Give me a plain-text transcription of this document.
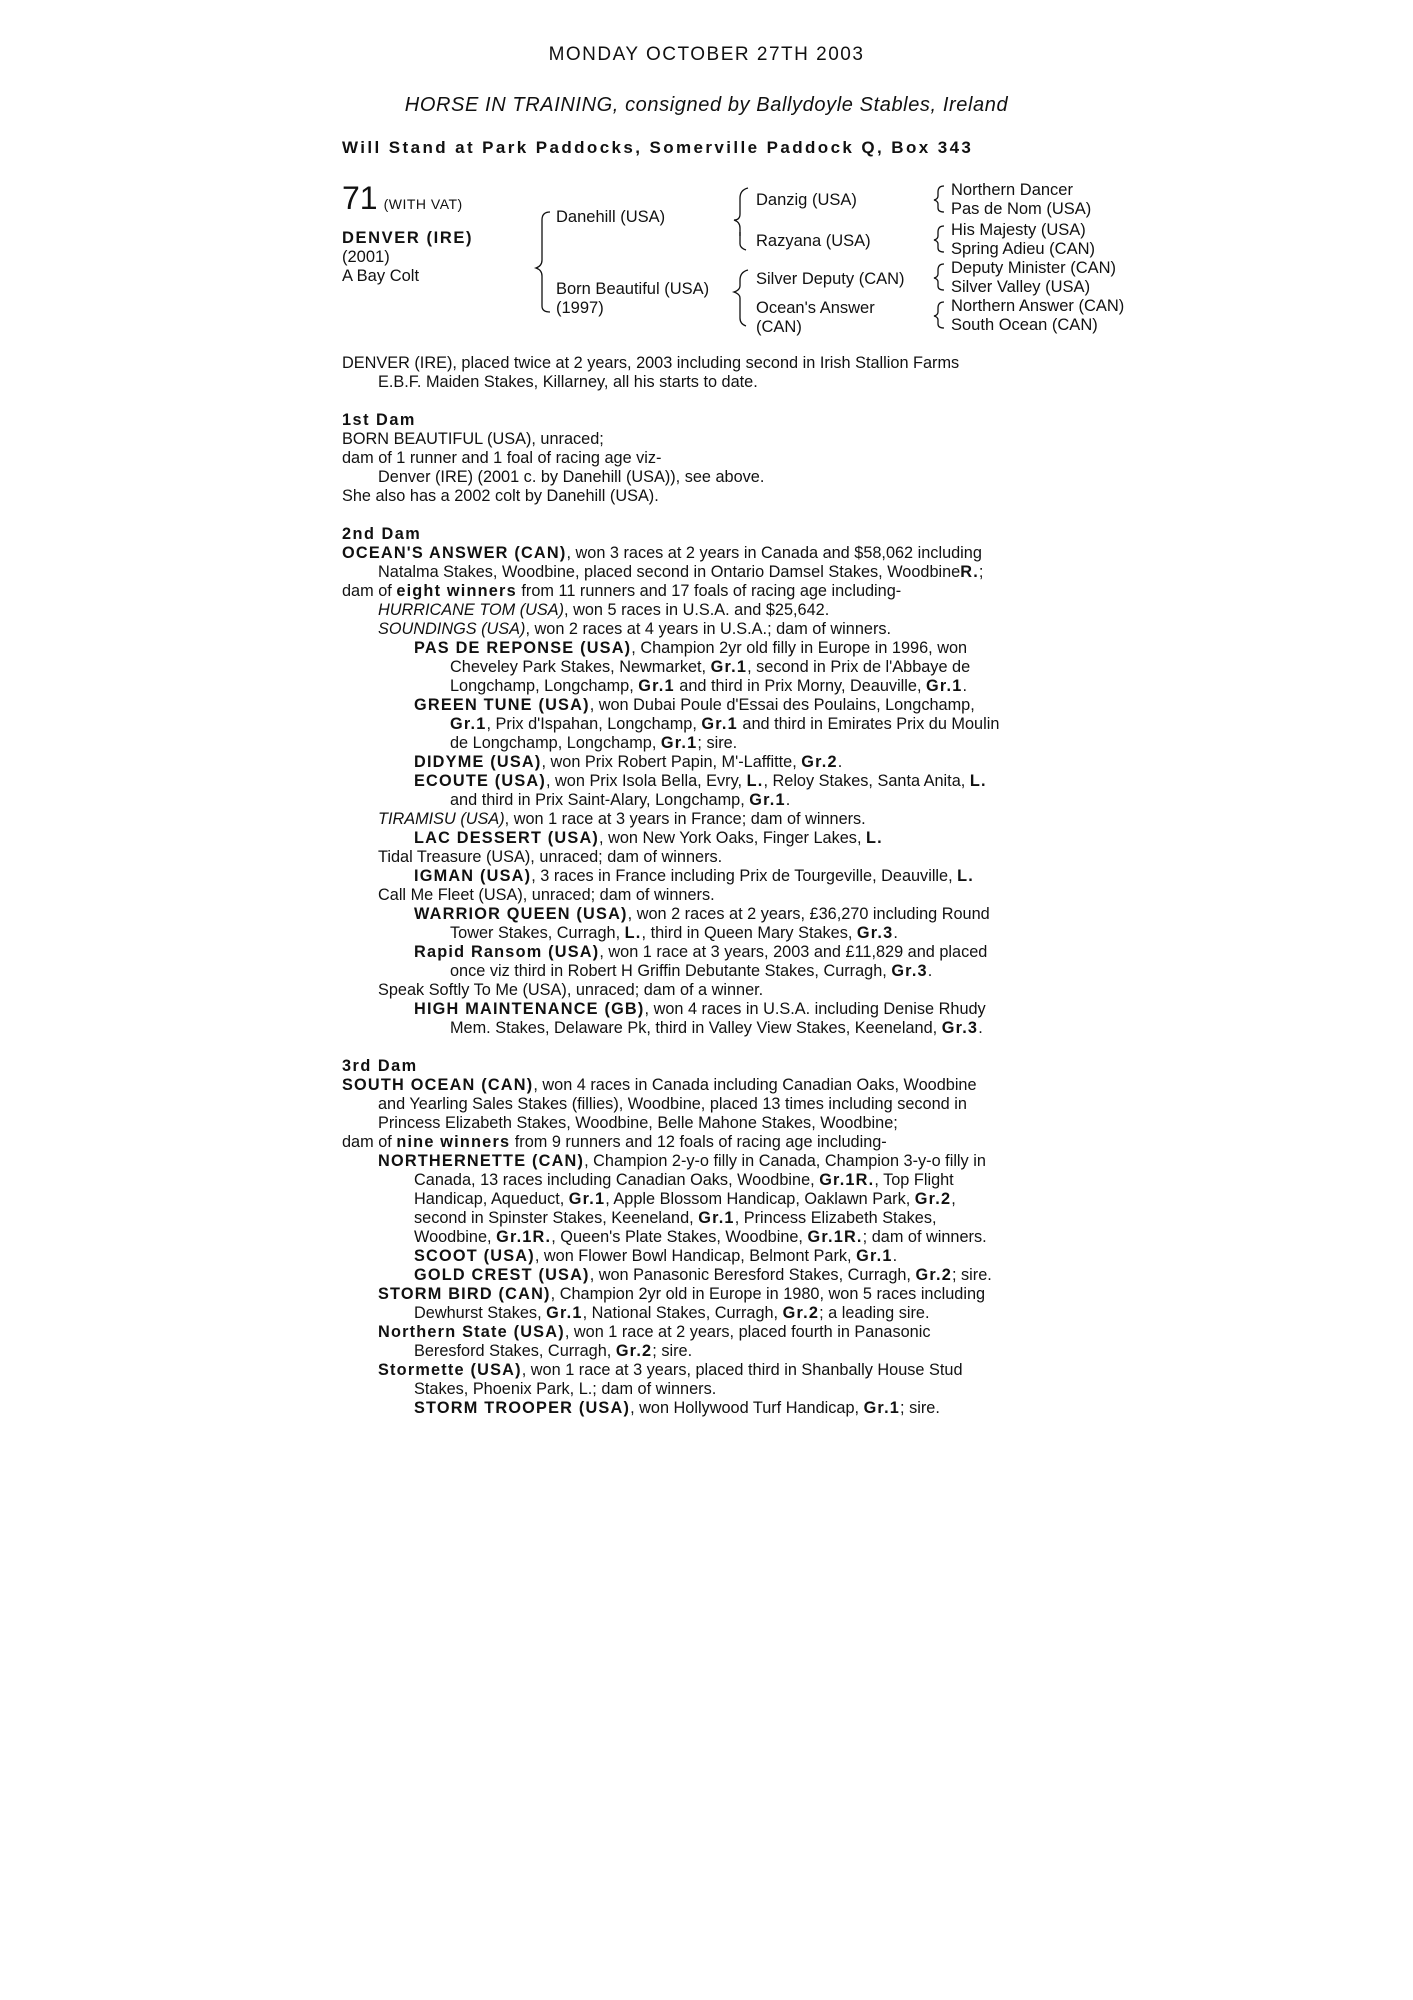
MONDAY OCTOBER 27TH 2003
HORSE IN TRAINING, consigned by Ballydoyle Stables, Ireland
Will Stand at Park Paddocks, Somerville Paddock Q, Box 343
71 (WITH VAT)
DENVER (IRE)
(2001)
A Bay Colt
Danehill (USA)
Born Beautiful (USA)
(1997)
Danzig (USA)
Razyana (USA)
Silver Deputy (CAN)
Ocean's Answer
(CAN)
Northern Dancer
Pas de Nom (USA)
His Majesty (USA)
Spring Adieu (CAN)
Deputy Minister (CAN)
Silver Valley (USA)
Northern Answer (CAN)
South Ocean (CAN)

DENVER (IRE), placed twice at 2 years, 2003 including second in Irish Stallion Farms

E.B.F. Maiden Stakes, Killarney, all his starts to date.

1st Dam

BORN BEAUTIFUL (USA), unraced;

dam of 1 runner and 1 foal of racing age viz-

Denver (IRE) (2001 c. by Danehill (USA)), see above.

She also has a 2002 colt by Danehill (USA).

2nd Dam

OCEAN'S ANSWER (CAN), won 3 races at 2 years in Canada and $58,062 including

Natalma Stakes, Woodbine, placed second in Ontario Damsel Stakes, WoodbineR.;

dam of eight winners from 11 runners and 17 foals of racing age including-

HURRICANE TOM (USA), won 5 races in U.S.A. and $25,642.

SOUNDINGS (USA), won 2 races at 4 years in U.S.A.; dam of winners.

PAS DE REPONSE (USA), Champion 2yr old filly in Europe in 1996, won

Cheveley Park Stakes, Newmarket, Gr.1, second in Prix de l'Abbaye de

Longchamp, Longchamp, Gr.1 and third in Prix Morny, Deauville, Gr.1.

GREEN TUNE (USA), won Dubai Poule d'Essai des Poulains, Longchamp,

Gr.1, Prix d'Ispahan, Longchamp, Gr.1 and third in Emirates Prix du Moulin

de Longchamp, Longchamp, Gr.1; sire.

DIDYME (USA), won Prix Robert Papin, M'-Laffitte, Gr.2.

ECOUTE (USA), won Prix Isola Bella, Evry, L., Reloy Stakes, Santa Anita, L.

and third in Prix Saint-Alary, Longchamp, Gr.1.

TIRAMISU (USA), won 1 race at 3 years in France; dam of winners.

LAC DESSERT (USA), won New York Oaks, Finger Lakes, L.

Tidal Treasure (USA), unraced; dam of winners.

IGMAN (USA), 3 races in France including Prix de Tourgeville, Deauville, L.

Call Me Fleet (USA), unraced; dam of winners.

WARRIOR QUEEN (USA), won 2 races at 2 years, £36,270 including Round

Tower Stakes, Curragh, L., third in Queen Mary Stakes, Gr.3.

Rapid Ransom (USA), won 1 race at 3 years, 2003 and £11,829 and placed

once viz third in Robert H Griffin Debutante Stakes, Curragh, Gr.3.

Speak Softly To Me (USA), unraced; dam of a winner.

HIGH MAINTENANCE (GB), won 4 races in U.S.A. including Denise Rhudy

Mem. Stakes, Delaware Pk, third in Valley View Stakes, Keeneland, Gr.3.

3rd Dam

SOUTH OCEAN (CAN), won 4 races in Canada including Canadian Oaks, Woodbine

and Yearling Sales Stakes (fillies), Woodbine, placed 13 times including second in

Princess Elizabeth Stakes, Woodbine, Belle Mahone Stakes, Woodbine;

dam of nine winners from 9 runners and 12 foals of racing age including-

NORTHERNETTE (CAN), Champion 2-y-o filly in Canada, Champion 3-y-o filly in

Canada, 13 races including Canadian Oaks, Woodbine, Gr.1R., Top Flight

Handicap, Aqueduct, Gr.1, Apple Blossom Handicap, Oaklawn Park, Gr.2,

second in Spinster Stakes, Keeneland, Gr.1, Princess Elizabeth Stakes,

Woodbine, Gr.1R., Queen's Plate Stakes, Woodbine, Gr.1R.; dam of winners.

SCOOT (USA), won Flower Bowl Handicap, Belmont Park, Gr.1.

GOLD CREST (USA), won Panasonic Beresford Stakes, Curragh, Gr.2; sire.

STORM BIRD (CAN), Champion 2yr old in Europe in 1980, won 5 races including

Dewhurst Stakes, Gr.1, National Stakes, Curragh, Gr.2; a leading sire.

Northern State (USA), won 1 race at 2 years, placed fourth in Panasonic

Beresford Stakes, Curragh, Gr.2; sire.

Stormette (USA), won 1 race at 3 years, placed third in Shanbally House Stud

Stakes, Phoenix Park, L.; dam of winners.

STORM TROOPER (USA), won Hollywood Turf Handicap, Gr.1; sire.
